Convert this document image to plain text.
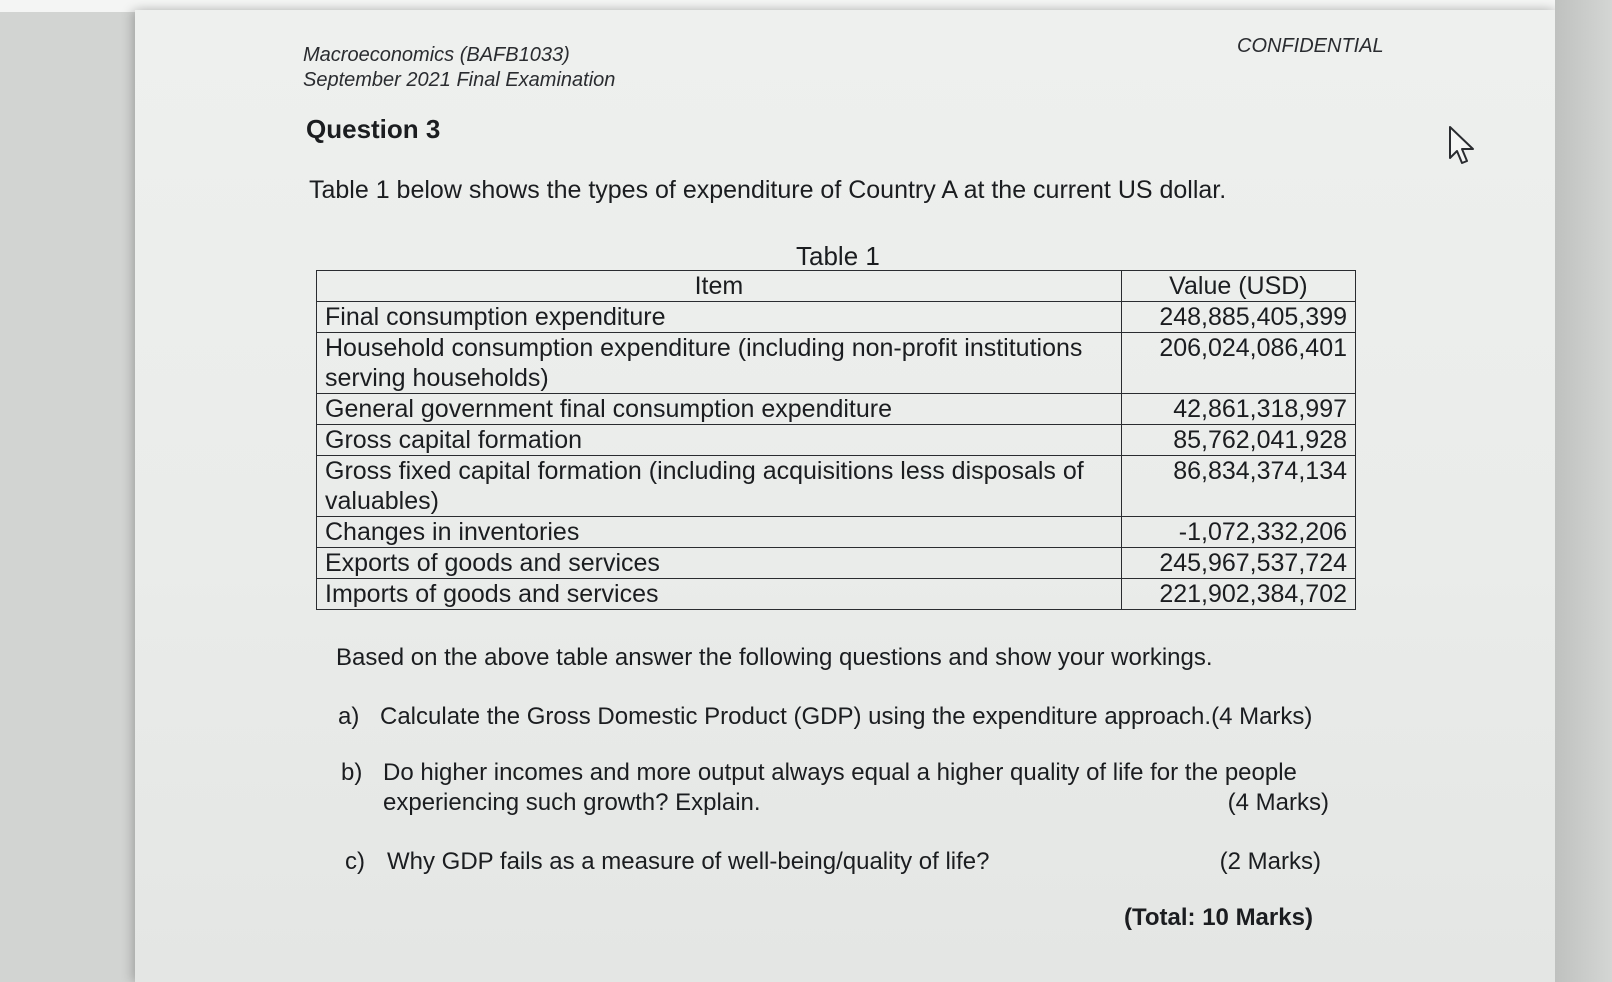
Macroeconomics (BAFB1033)
September 2021 Final Examination
CONFIDENTIAL
Question 3
Table 1 below shows the types of expenditure of Country A at the current US dollar.
Table 1
Item	Value (USD)
Final consumption expenditure	248,885,405,399
Household consumption expenditure (including non-profit institutions serving households)	206,024,086,401
General government final consumption expenditure	42,861,318,997
Gross capital formation	85,762,041,928
Gross fixed capital formation (including acquisitions less disposals of valuables)	86,834,374,134
Changes in inventories	-1,072,332,206
Exports of goods and services	245,967,537,724
Imports of goods and services	221,902,384,702
Based on the above table answer the following questions and show your workings.
a) Calculate the Gross Domestic Product (GDP) using the expenditure approach.(4 Marks)
b) Do higher incomes and more output always equal a higher quality of life for the people
experiencing such growth? Explain.	(4 Marks)
c) Why GDP fails as a measure of well-being/quality of life?	(2 Marks)
(Total: 10 Marks)
